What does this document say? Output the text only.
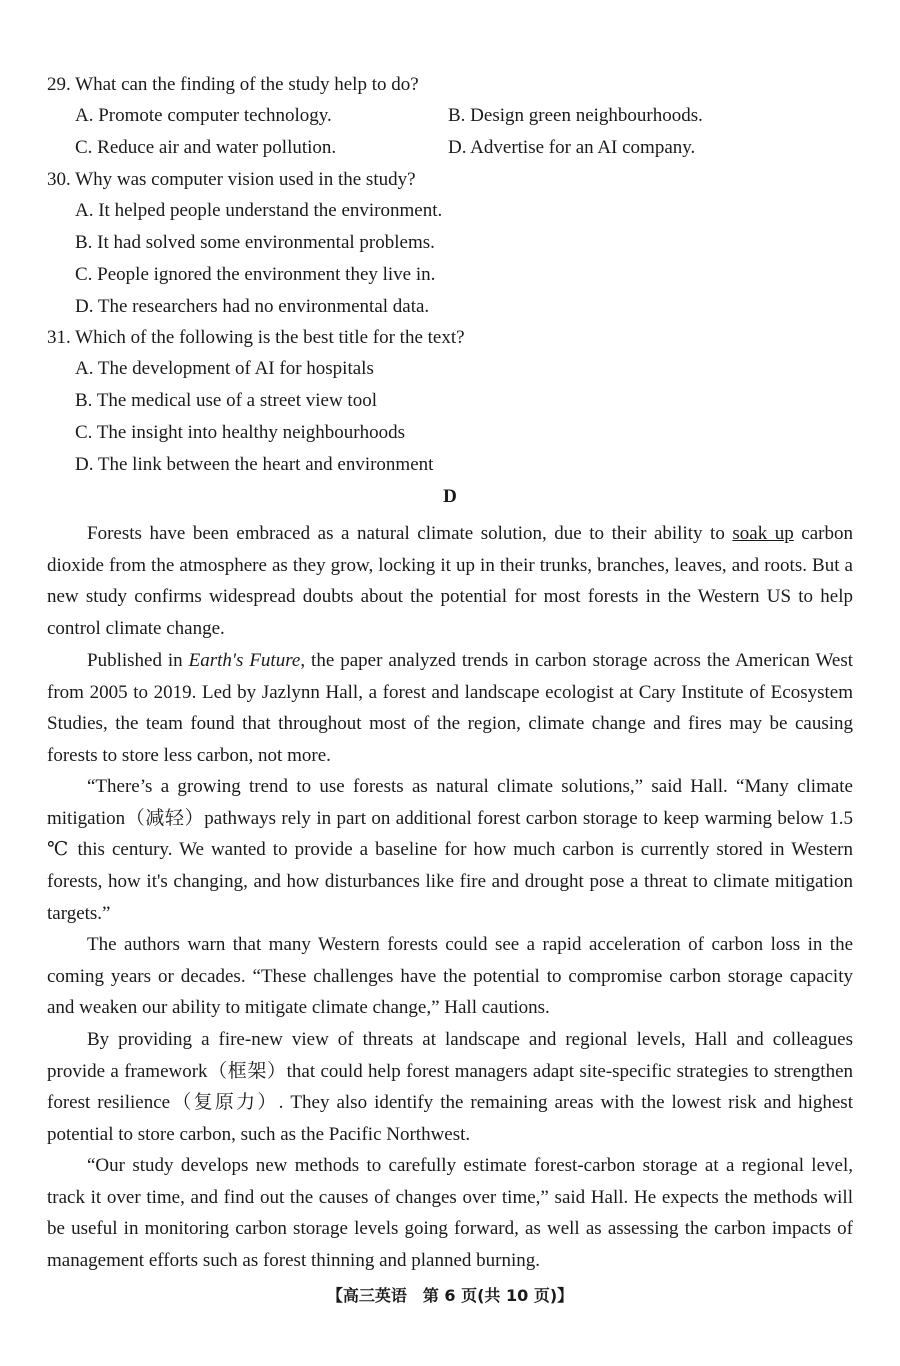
29. What can the finding of the study help to do?
A. Promote computer technology.	B. Design green neighbourhoods.
C. Reduce air and water pollution.	D. Advertise for an AI company.
30. Why was computer vision used in the study?
A. It helped people understand the environment.
B. It had solved some environmental problems.
C. People ignored the environment they live in.
D. The researchers had no environmental data.
31. Which of the following is the best title for the text?
A. The development of AI for hospitals
B. The medical use of a street view tool
C. The insight into healthy neighbourhoods
D. The link between the heart and environment
D

Forests have been embraced as a natural climate solution, due to their ability to soak up carbon dioxide from the atmosphere as they grow, locking it up in their trunks, branches, leaves, and roots. But a new study confirms widespread doubts about the potential for most forests in the Western US to help control climate change.

Published in Earth's Future, the paper analyzed trends in carbon storage across the American West from 2005 to 2019. Led by Jazlynn Hall, a forest and landscape ecologist at Cary Institute of Ecosystem Studies, the team found that throughout most of the region, climate change and fires may be causing forests to store less carbon, not more.

“There’s a growing trend to use forests as natural climate solutions,” said Hall. “Many climate mitigation（减轻）pathways rely in part on additional forest carbon storage to keep warming below 1.5 ℃ this century. We wanted to provide a baseline for how much carbon is currently stored in Western forests, how it's changing, and how disturbances like fire and drought pose a threat to climate mitigation targets.”

The authors warn that many Western forests could see a rapid acceleration of carbon loss in the coming years or decades. “These challenges have the potential to compromise carbon storage capacity and weaken our ability to mitigate climate change,” Hall cautions.

By providing a fire-new view of threats at landscape and regional levels, Hall and colleagues provide a framework（框架）that could help forest managers adapt site-specific strategies to strengthen forest resilience（复原力）. They also identify the remaining areas with the lowest risk and highest potential to store carbon, such as the Pacific Northwest.

“Our study develops new methods to carefully estimate forest-carbon storage at a regional level, track it over time, and find out the causes of changes over time,” said Hall. He expects the methods will be useful in monitoring carbon storage levels going forward, as well as assessing the carbon impacts of management efforts such as forest thinning and planned burning.

【高三英语　第 6 页(共 10 页)】
